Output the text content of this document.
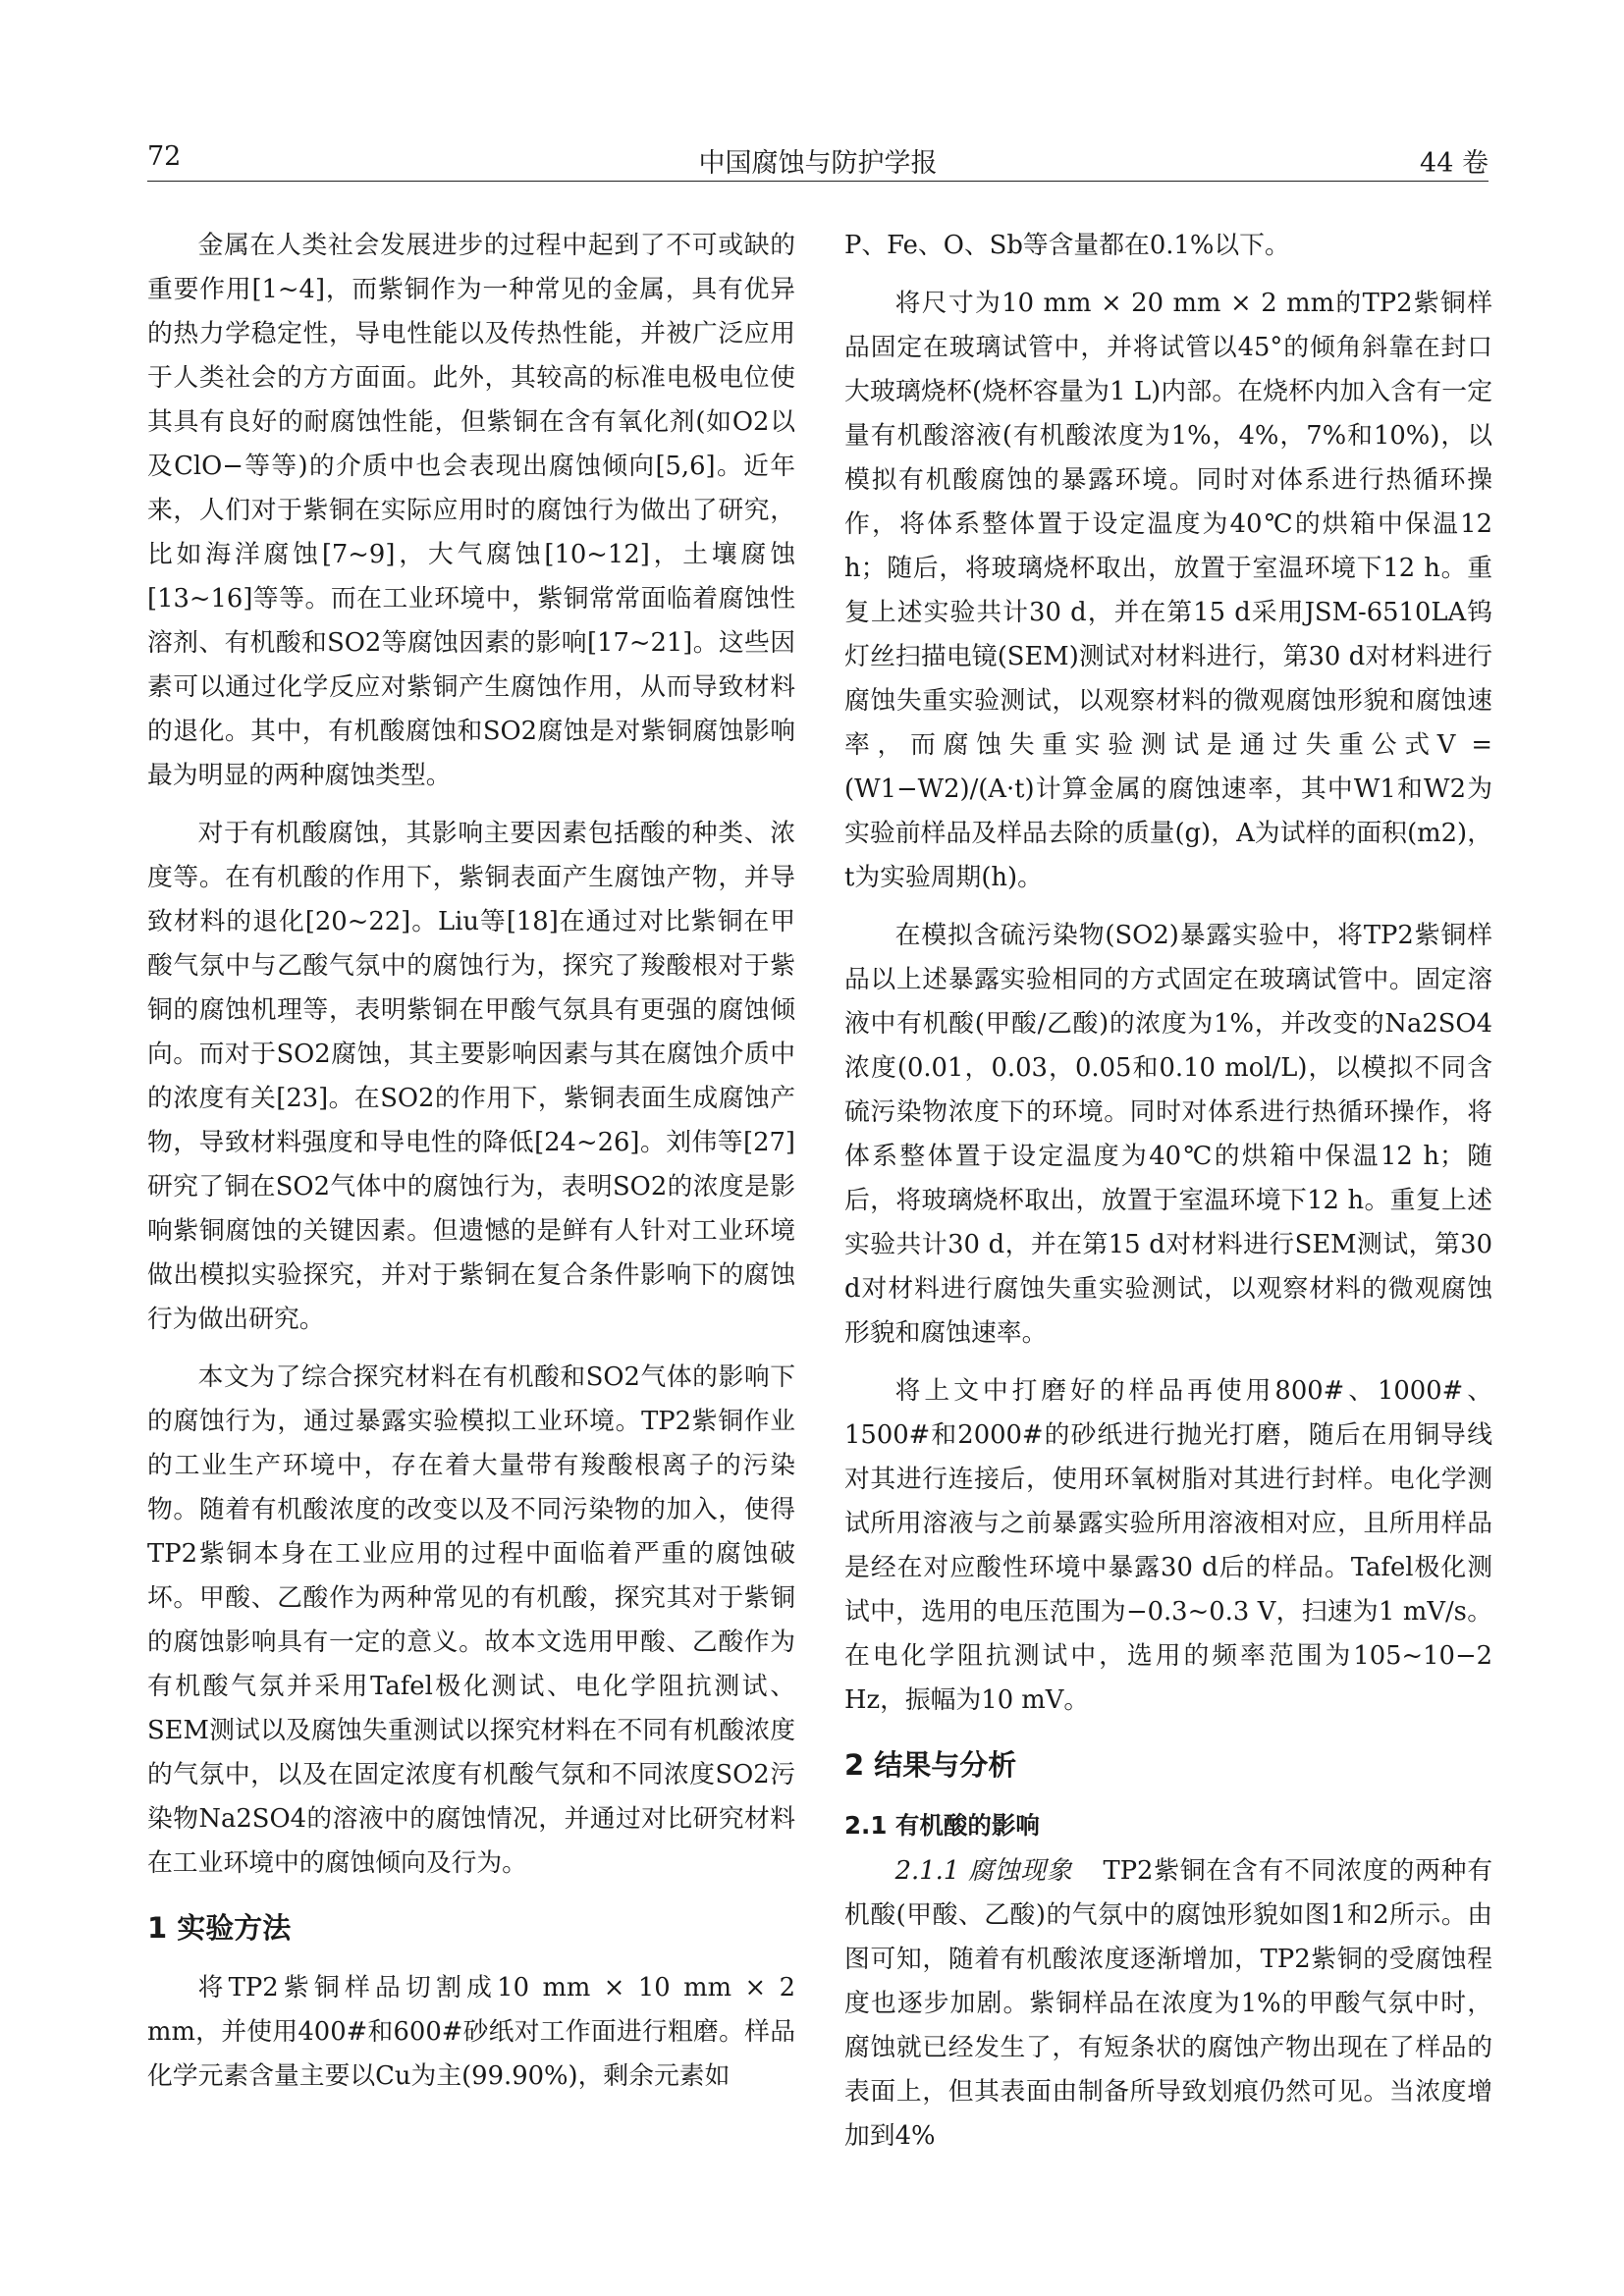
72	中国腐蚀与防护学报	44 卷

金属在人类社会发展进步的过程中起到了不可或缺的重要作用[1~4]，而紫铜作为一种常见的金属，具有优异的热力学稳定性，导电性能以及传热性能，并被广泛应用于人类社会的方方面面。此外，其较高的标准电极电位使其具有良好的耐腐蚀性能，但紫铜在含有氧化剂(如O2以及ClO−等等)的介质中也会表现出腐蚀倾向[5,6]。近年来，人们对于紫铜在实际应用时的腐蚀行为做出了研究，比如海洋腐蚀[7~9]，大气腐蚀[10~12]，土壤腐蚀[13~16]等等。而在工业环境中，紫铜常常面临着腐蚀性溶剂、有机酸和SO2等腐蚀因素的影响[17~21]。这些因素可以通过化学反应对紫铜产生腐蚀作用，从而导致材料的退化。其中，有机酸腐蚀和SO2腐蚀是对紫铜腐蚀影响最为明显的两种腐蚀类型。

对于有机酸腐蚀，其影响主要因素包括酸的种类、浓度等。在有机酸的作用下，紫铜表面产生腐蚀产物，并导致材料的退化[20~22]。Liu等[18]在通过对比紫铜在甲酸气氛中与乙酸气氛中的腐蚀行为，探究了羧酸根对于紫铜的腐蚀机理等，表明紫铜在甲酸气氛具有更强的腐蚀倾向。而对于SO2腐蚀，其主要影响因素与其在腐蚀介质中的浓度有关[23]。在SO2的作用下，紫铜表面生成腐蚀产物，导致材料强度和导电性的降低[24~26]。刘伟等[27]研究了铜在SO2气体中的腐蚀行为，表明SO2的浓度是影响紫铜腐蚀的关键因素。但遗憾的是鲜有人针对工业环境做出模拟实验探究，并对于紫铜在复合条件影响下的腐蚀行为做出研究。

本文为了综合探究材料在有机酸和SO2气体的影响下的腐蚀行为，通过暴露实验模拟工业环境。TP2紫铜作业的工业生产环境中，存在着大量带有羧酸根离子的污染物。随着有机酸浓度的改变以及不同污染物的加入，使得TP2紫铜本身在工业应用的过程中面临着严重的腐蚀破坏。甲酸、乙酸作为两种常见的有机酸，探究其对于紫铜的腐蚀影响具有一定的意义。故本文选用甲酸、乙酸作为有机酸气氛并采用Tafel极化测试、电化学阻抗测试、SEM测试以及腐蚀失重测试以探究材料在不同有机酸浓度的气氛中，以及在固定浓度有机酸气氛和不同浓度SO2污染物Na2SO4的溶液中的腐蚀情况，并通过对比研究材料在工业环境中的腐蚀倾向及行为。

1 实验方法

将TP2紫铜样品切割成10 mm × 10 mm × 2 mm，并使用400#和600#砂纸对工作面进行粗磨。样品化学元素含量主要以Cu为主(99.90%)，剩余元素如

P、Fe、O、Sb等含量都在0.1%以下。

将尺寸为10 mm × 20 mm × 2 mm的TP2紫铜样品固定在玻璃试管中，并将试管以45°的倾角斜靠在封口大玻璃烧杯(烧杯容量为1 L)内部。在烧杯内加入含有一定量有机酸溶液(有机酸浓度为1%，4%，7%和10%)，以模拟有机酸腐蚀的暴露环境。同时对体系进行热循环操作，将体系整体置于设定温度为40℃的烘箱中保温12 h；随后，将玻璃烧杯取出，放置于室温环境下12 h。重复上述实验共计30 d，并在第15 d采用JSM-6510LA钨灯丝扫描电镜(SEM)测试对材料进行，第30 d对材料进行腐蚀失重实验测试，以观察材料的微观腐蚀形貌和腐蚀速率，而腐蚀失重实验测试是通过失重公式V = (W1−W2)/(A·t)计算金属的腐蚀速率，其中W1和W2为实验前样品及样品去除的质量(g)，A为试样的面积(m2)，t为实验周期(h)。

在模拟含硫污染物(SO2)暴露实验中，将TP2紫铜样品以上述暴露实验相同的方式固定在玻璃试管中。固定溶液中有机酸(甲酸/乙酸)的浓度为1%，并改变的Na2SO4浓度(0.01，0.03，0.05和0.10 mol/L)，以模拟不同含硫污染物浓度下的环境。同时对体系进行热循环操作，将体系整体置于设定温度为40℃的烘箱中保温12 h；随后，将玻璃烧杯取出，放置于室温环境下12 h。重复上述实验共计30 d，并在第15 d对材料进行SEM测试，第30 d对材料进行腐蚀失重实验测试，以观察材料的微观腐蚀形貌和腐蚀速率。

将上文中打磨好的样品再使用800#、1000#、1500#和2000#的砂纸进行抛光打磨，随后在用铜导线对其进行连接后，使用环氧树脂对其进行封样。电化学测试所用溶液与之前暴露实验所用溶液相对应，且所用样品是经在对应酸性环境中暴露30 d后的样品。Tafel极化测试中，选用的电压范围为−0.3~0.3 V，扫速为1 mV/s。在电化学阻抗测试中，选用的频率范围为105~10−2 Hz，振幅为10 mV。

2 结果与分析
2.1 有机酸的影响

2.1.1 腐蚀现象 TP2紫铜在含有不同浓度的两种有机酸(甲酸、乙酸)的气氛中的腐蚀形貌如图1和2所示。由图可知，随着有机酸浓度逐渐增加，TP2紫铜的受腐蚀程度也逐步加剧。紫铜样品在浓度为1%的甲酸气氛中时，腐蚀就已经发生了，有短条状的腐蚀产物出现在了样品的表面上，但其表面由制备所导致划痕仍然可见。当浓度增加到4%
